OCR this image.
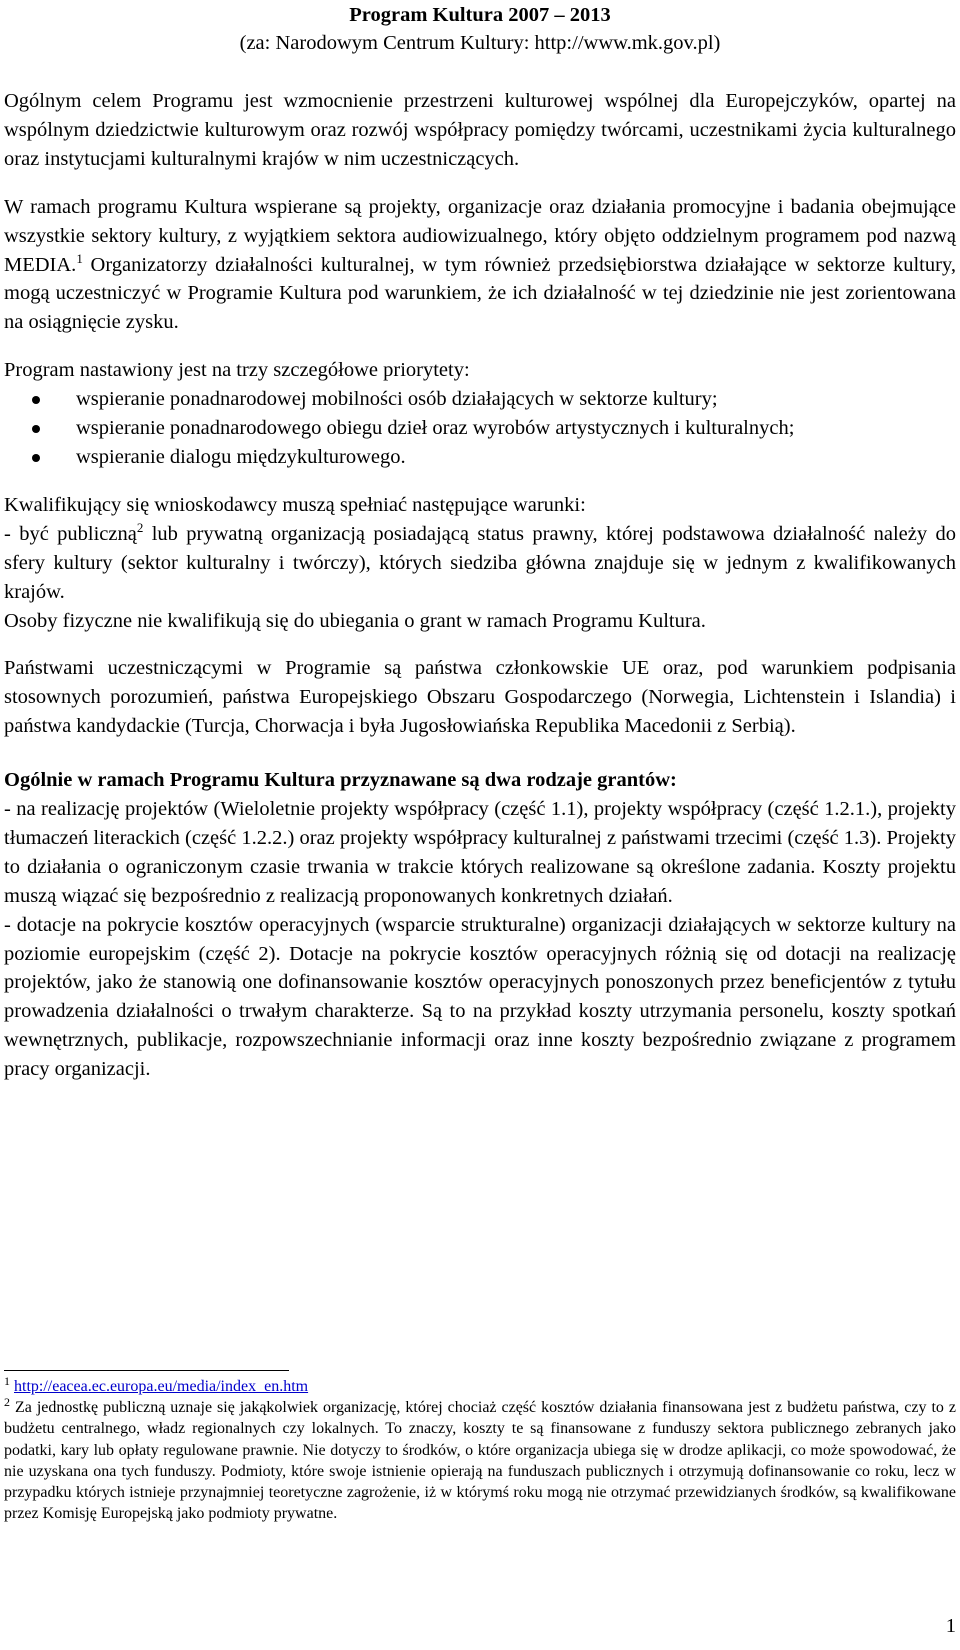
Program Kultura 2007 – 2013
(za: Narodowym Centrum Kultury: http://www.mk.gov.pl)

Ogólnym celem Programu jest wzmocnienie przestrzeni kulturowej wspólnej dla Europejczyków, opartej na wspólnym dziedzictwie kulturowym oraz rozwój współpracy pomiędzy twórcami, uczestnikami życia kulturalnego oraz instytucjami kulturalnymi krajów w nim uczestniczących.

W ramach programu Kultura wspierane są projekty, organizacje oraz działania promocyjne i badania obejmujące wszystkie sektory kultury, z wyjątkiem sektora audiowizualnego, który objęto oddzielnym programem pod nazwą MEDIA.$^1$ Organizatorzy działalności kulturalnej, w tym również przedsiębiorstwa działające w sektorze kultury, mogą uczestniczyć w Programie Kultura pod warunkiem, że ich działalność w tej dziedzinie nie jest zorientowana na osiągnięcie zysku.

Program nastawiony jest na trzy szczegółowe priorytety:

wspieranie ponadnarodowej mobilności osób działających w sektorze kultury;
wspieranie ponadnarodowego obiegu dzieł oraz wyrobów artystycznych i kulturalnych;
wspieranie dialogu międzykulturowego.

Kwalifikujący się wnioskodawcy muszą spełniać następujące warunki:

- być publiczną$^2$ lub prywatną organizacją posiadającą status prawny, której podstawowa działalność należy do sfery kultury (sektor kulturalny i twórczy), których siedziba główna znajduje się w jednym z kwalifikowanych krajów.

Osoby fizyczne nie kwalifikują się do ubiegania o grant w ramach Programu Kultura.

Państwami uczestniczącymi w Programie są państwa członkowskie UE oraz, pod warunkiem podpisania stosownych porozumień, państwa Europejskiego Obszaru Gospodarczego (Norwegia, Lichtenstein i Islandia) i państwa kandydackie (Turcja, Chorwacja i była Jugosłowiańska Republika Macedonii z Serbią).

Ogólnie w ramach Programu Kultura przyznawane są dwa rodzaje grantów:

- na realizację projektów (Wieloletnie projekty współpracy (część 1.1), projekty współpracy (część 1.2.1.), projekty tłumaczeń literackich (część 1.2.2.) oraz projekty współpracy kulturalnej z państwami trzecimi (część 1.3). Projekty to działania o ograniczonym czasie trwania w trakcie których realizowane są określone zadania. Koszty projektu muszą wiązać się bezpośrednio z realizacją proponowanych konkretnych działań.

- dotacje na pokrycie kosztów operacyjnych (wsparcie strukturalne) organizacji działających w sektorze kultury na poziomie europejskim (część 2). Dotacje na pokrycie kosztów operacyjnych różnią się od dotacji na realizację projektów, jako że stanowią one dofinansowanie kosztów operacyjnych ponoszonych przez beneficjentów z tytułu prowadzenia działalności o trwałym charakterze. Są to na przykład koszty utrzymania personelu, koszty spotkań wewnętrznych, publikacje, rozpowszechnianie informacji oraz inne koszty bezpośrednio związane z programem pracy organizacji.

$^1$ http://eacea.ec.europa.eu/media/index_en.htm

$^2$ Za jednostkę publiczną uznaje się jakąkolwiek organizację, której chociaż część kosztów działania finansowana jest z budżetu państwa, czy to z budżetu centralnego, władz regionalnych czy lokalnych. To znaczy, koszty te są finansowane z funduszy sektora publicznego zebranych jako podatki, kary lub opłaty regulowane prawnie. Nie dotyczy to środków, o które organizacja ubiega się w drodze aplikacji, co może spowodować, że nie uzyskana ona tych funduszy. Podmioty, które swoje istnienie opierają na funduszach publicznych i otrzymują dofinansowanie co roku, lecz w przypadku których istnieje przynajmniej teoretyczne zagrożenie, iż w którymś roku mogą nie otrzymać przewidzianych środków, są kwalifikowane przez Komisję Europejską jako podmioty prywatne.

1
